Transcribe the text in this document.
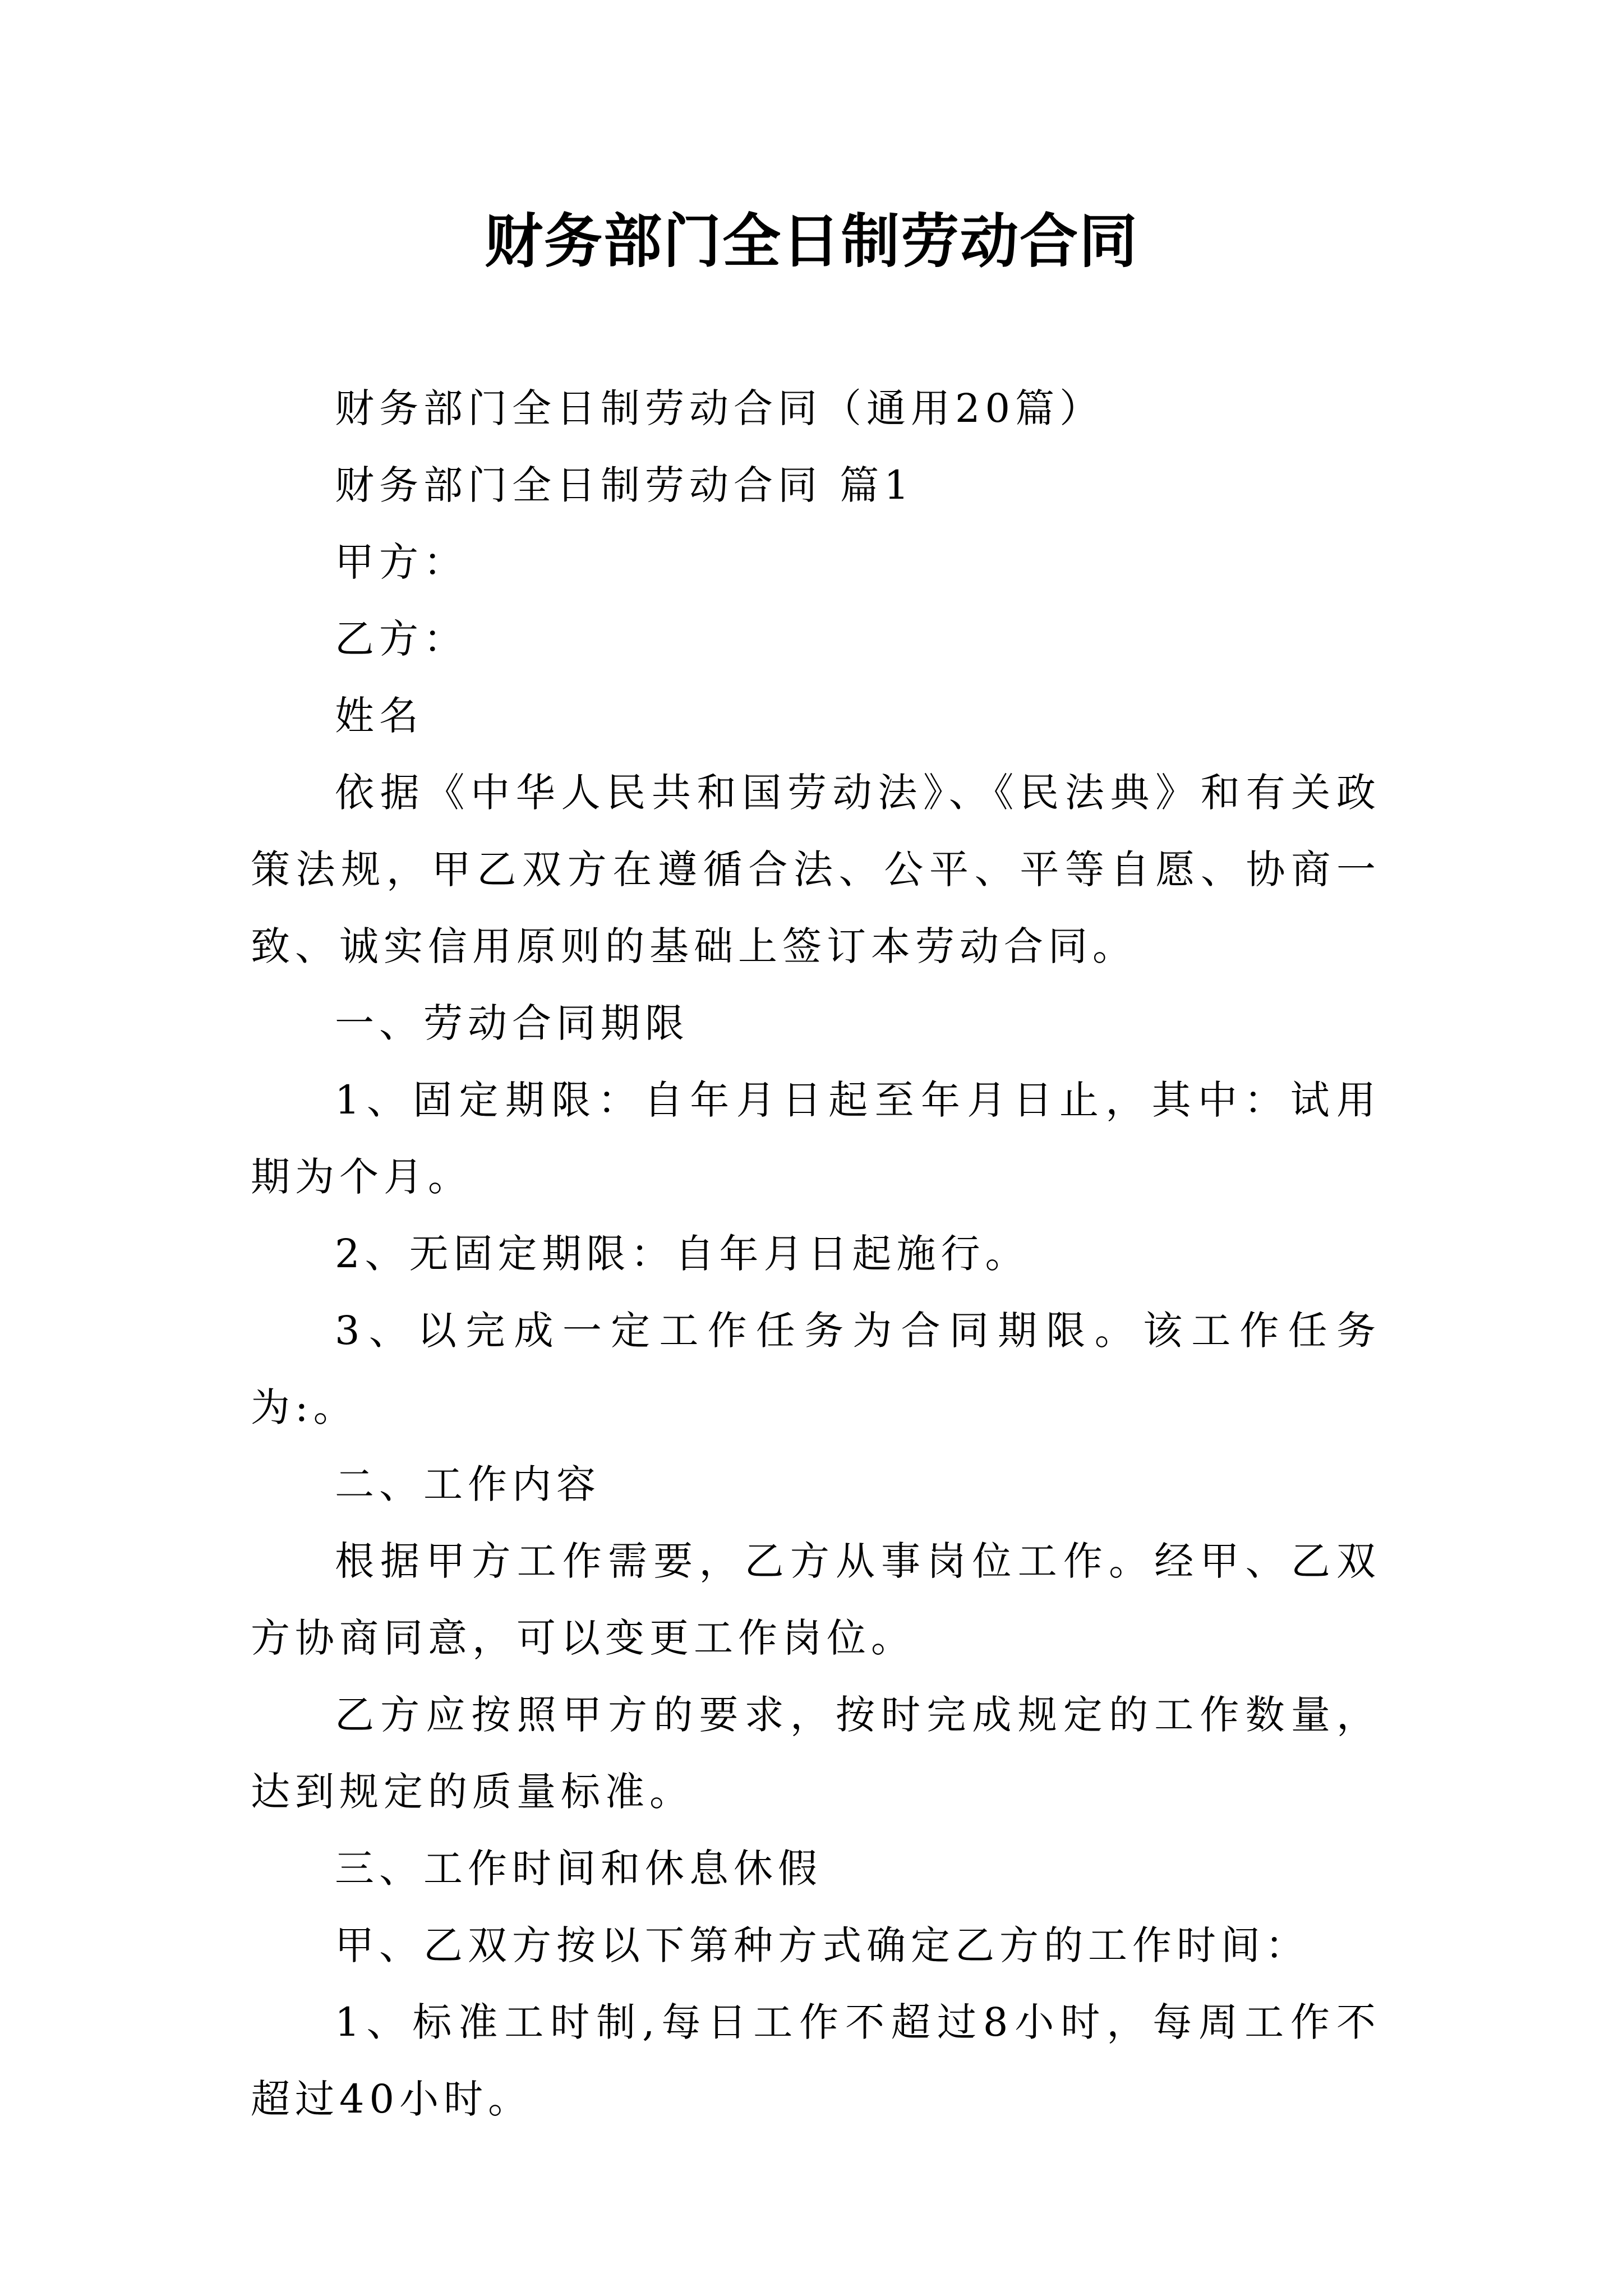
财务部门全日制劳动合同

财务部门全日制劳动合同（通用20篇）

财务部门全日制劳动合同 篇1

甲方：

乙方：

姓名

依据《中华人民共和国劳动法》、《民法典》和有关政策法规，甲乙双方在遵循合法、公平、平等自愿、协商一致、诚实信用原则的基础上签订本劳动合同。

一、劳动合同期限

1、固定期限：自年月日起至年月日止，其中：试用期为个月。

2、无固定期限：自年月日起施行。

3、以完成一定工作任务为合同期限。该工作任务为:。

二、工作内容

根据甲方工作需要，乙方从事岗位工作。经甲、乙双方协商同意，可以变更工作岗位。

乙方应按照甲方的要求，按时完成规定的工作数量，达到规定的质量标准。

三、工作时间和休息休假

甲、乙双方按以下第种方式确定乙方的工作时间：

1、标准工时制,每日工作不超过8小时，每周工作不超过40小时。
